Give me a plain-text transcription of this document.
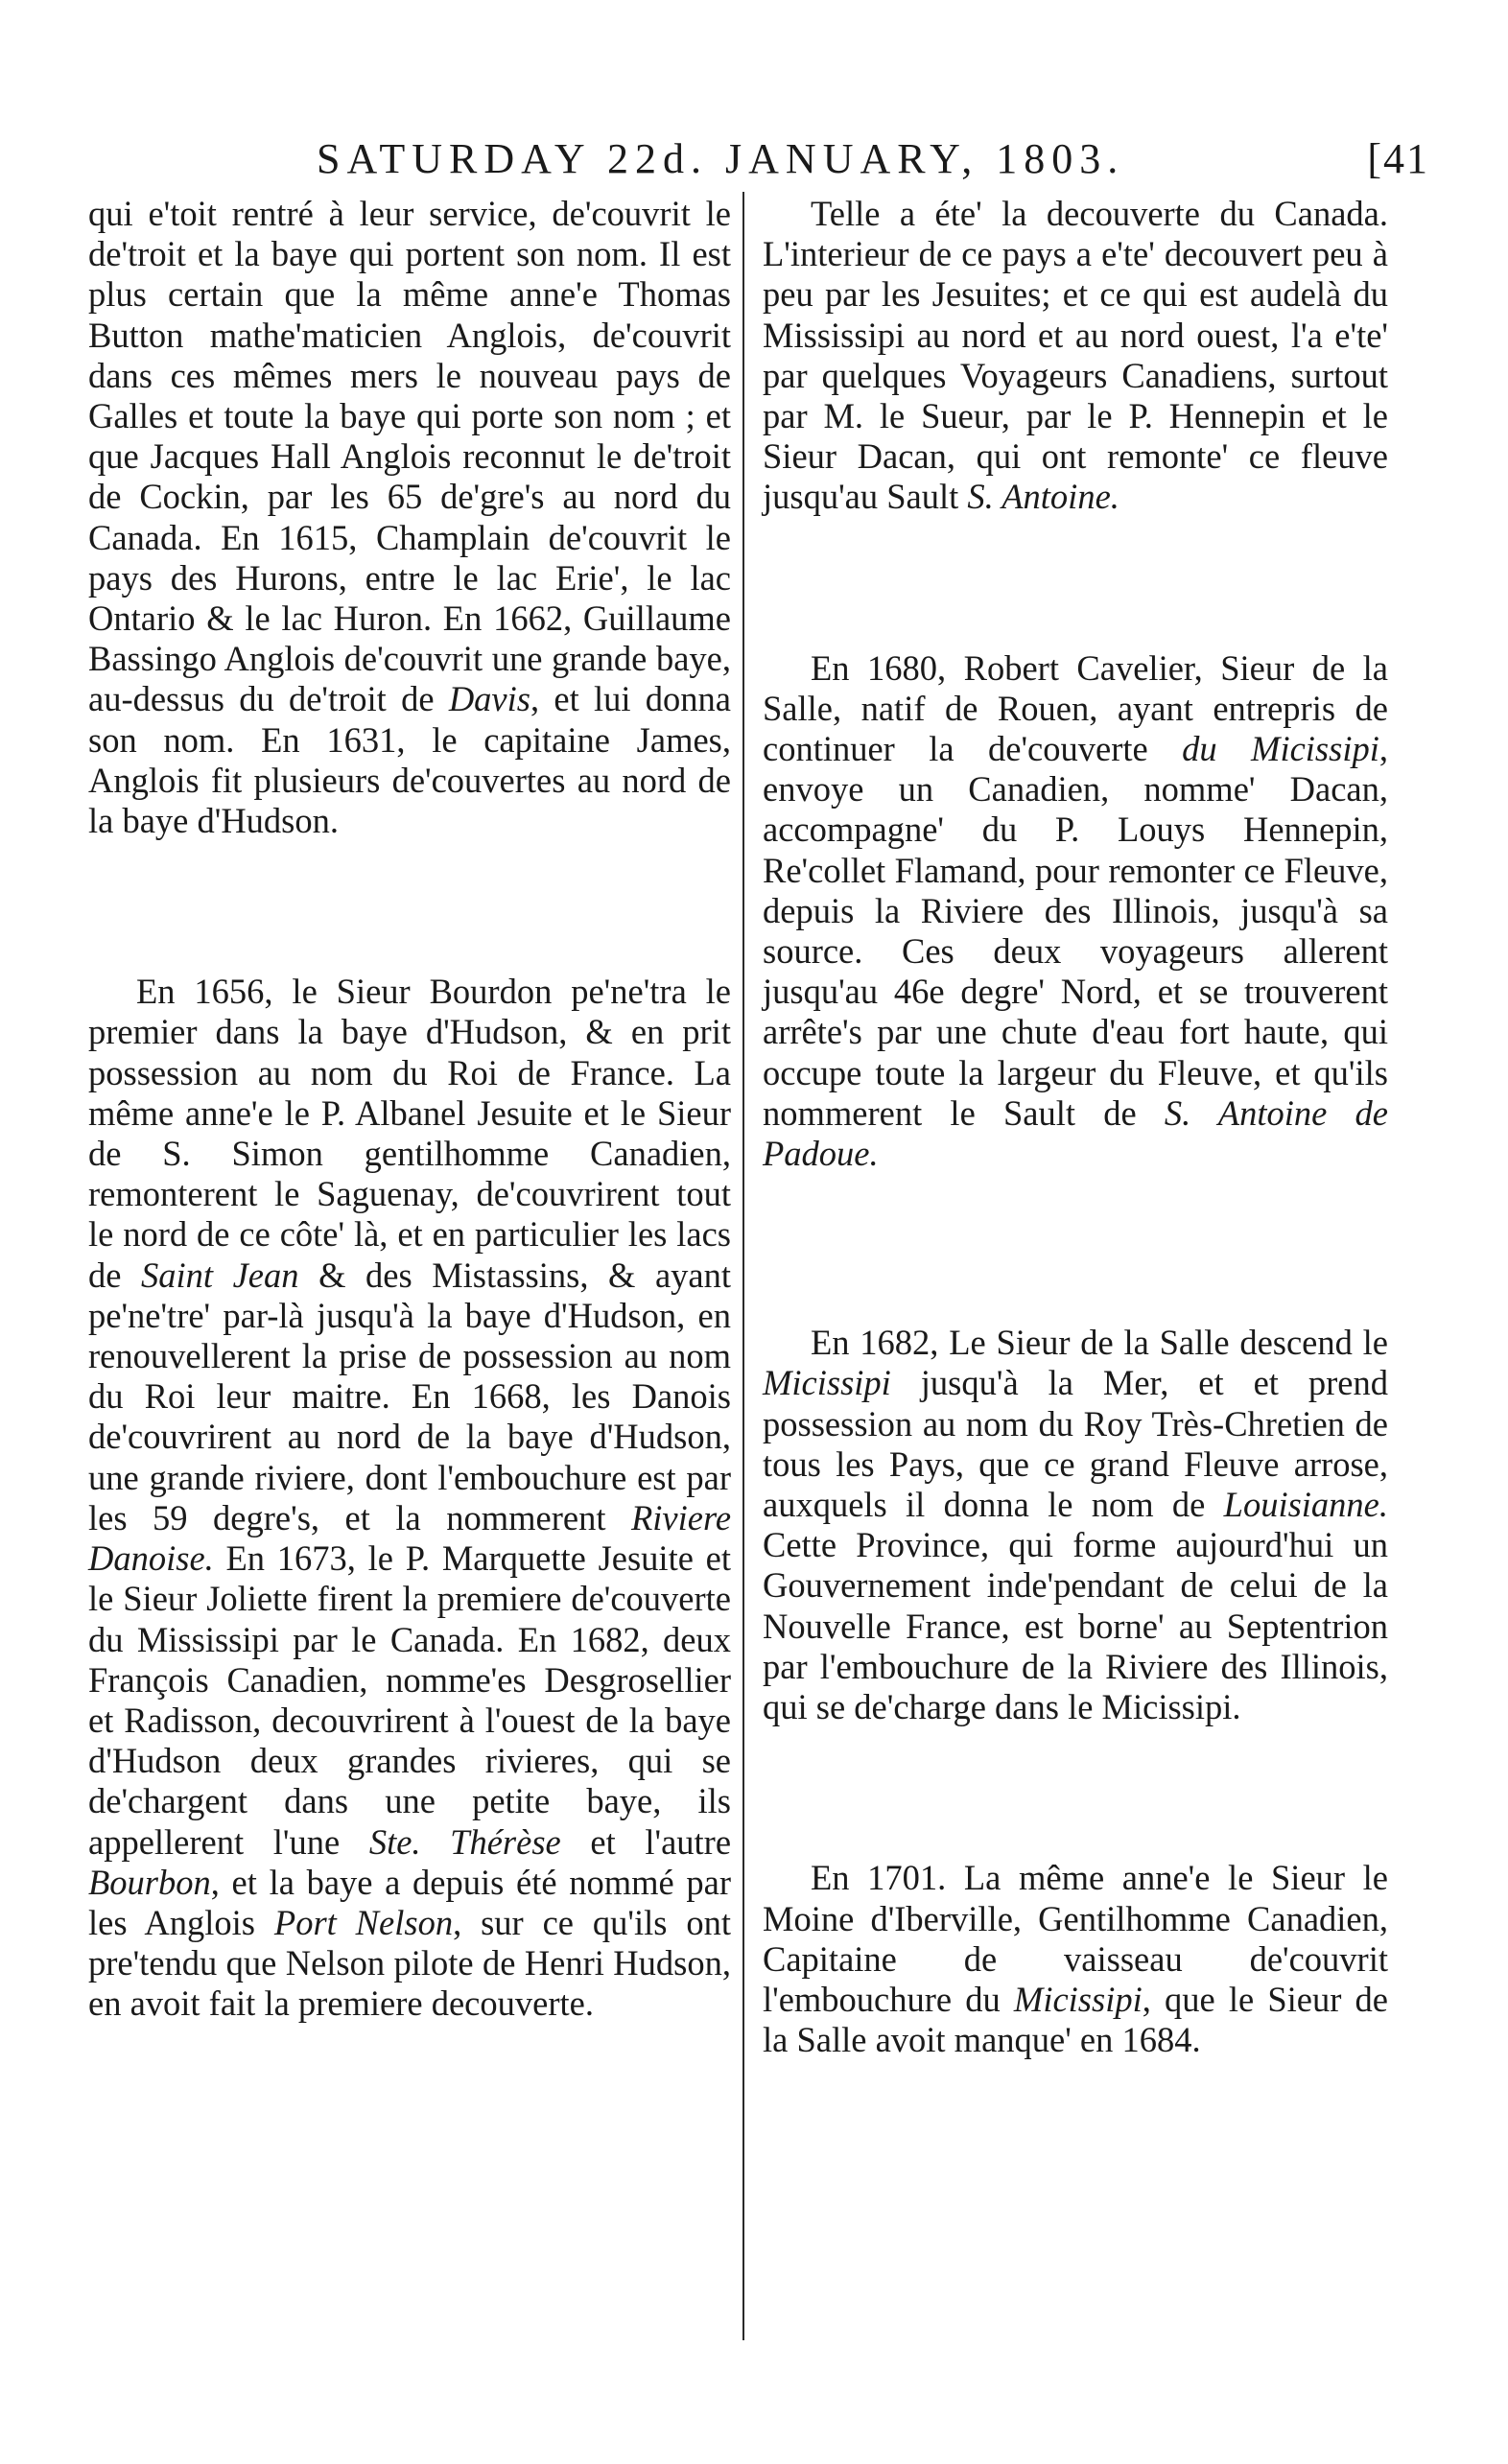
SATURDAY 22d. JANUARY, 1803.	[41

qui e'toit rentré à leur service, de'couvrit le de'troit et la baye qui portent son nom. Il est plus certain que la même anne'e Thomas Button mathe'maticien Anglois, de'couvrit dans ces mêmes mers le nouveau pays de Galles et toute la baye qui porte son nom ; et que Jacques Hall Anglois reconnut le de'troit de Cockin, par les 65 de'gre's au nord du Canada. En 1615, Champlain de'couvrit le pays des Hurons, entre le lac Erie', le lac Ontario & le lac Huron. En 1662, Guillaume Bassingo Anglois de'couvrit une grande baye, au-dessus du de'troit de Davis, et lui donna son nom. En 1631, le capitaine James, Anglois fit plusieurs de'couvertes au nord de la baye d'Hudson.

En 1656, le Sieur Bourdon pe'ne'tra le premier dans la baye d'Hudson, & en prit possession au nom du Roi de France. La même anne'e le P. Albanel Jesuite et le Sieur de S. Simon gentilhomme Canadien, remonterent le Saguenay, de'couvrirent tout le nord de ce côte' là, et en particulier les lacs de Saint Jean & des Mistassins, & ayant pe'ne'tre' par-là jusqu'à la baye d'Hudson, en renouvellerent la prise de possession au nom du Roi leur maitre. En 1668, les Danois de'couvrirent au nord de la baye d'Hudson, une grande riviere, dont l'embouchure est par les 59 degre's, et la nommerent Riviere Danoise. En 1673, le P. Marquette Jesuite et le Sieur Joliette firent la premiere de'couverte du Mississipi par le Canada. En 1682, deux François Canadien, nomme'es Desgrosellier et Radisson, decouvrirent à l'ouest de la baye d'Hudson deux grandes rivieres, qui se de'chargent dans une petite baye, ils appellerent l'une Ste. Thérèse et l'autre Bourbon, et la baye a depuis été nommé par les Anglois Port Nelson, sur ce qu'ils ont pre'tendu que Nelson pilote de Henri Hudson, en avoit fait la premiere decouverte.

Telle a éte' la decouverte du Canada. L'interieur de ce pays a e'te' decouvert peu à peu par les Jesuites; et ce qui est audelà du Mississipi au nord et au nord ouest, l'a e'te' par quelques Voyageurs Canadiens, surtout par M. le Sueur, par le P. Hennepin et le Sieur Dacan, qui ont remonte' ce fleuve jusqu'au Sault S. Antoine.

En 1680, Robert Cavelier, Sieur de la Salle, natif de Rouen, ayant entrepris de continuer la de'couverte du Micissipi, envoye un Canadien, nomme' Dacan, accompagne' du P. Louys Hennepin, Re'collet Flamand, pour remonter ce Fleuve, depuis la Riviere des Illinois, jusqu'à sa source. Ces deux voyageurs allerent jusqu'au 46e degre' Nord, et se trouverent arrête's par une chute d'eau fort haute, qui occupe toute la largeur du Fleuve, et qu'ils nommerent le Sault de S. Antoine de Padoue.

En 1682, Le Sieur de la Salle descend le Micissipi jusqu'à la Mer, et et prend possession au nom du Roy Très-Chretien de tous les Pays, que ce grand Fleuve arrose, auxquels il donna le nom de Louisianne. Cette Province, qui forme aujourd'hui un Gouvernement inde'pendant de celui de la Nouvelle France, est borne' au Septentrion par l'embouchure de la Riviere des Illinois, qui se de'charge dans le Micissipi.

En 1701. La même anne'e le Sieur le Moine d'Iberville, Gentilhomme Canadien, Capitaine de vaisseau de'couvrit l'embouchure du Micissipi, que le Sieur de la Salle avoit manque' en 1684.
